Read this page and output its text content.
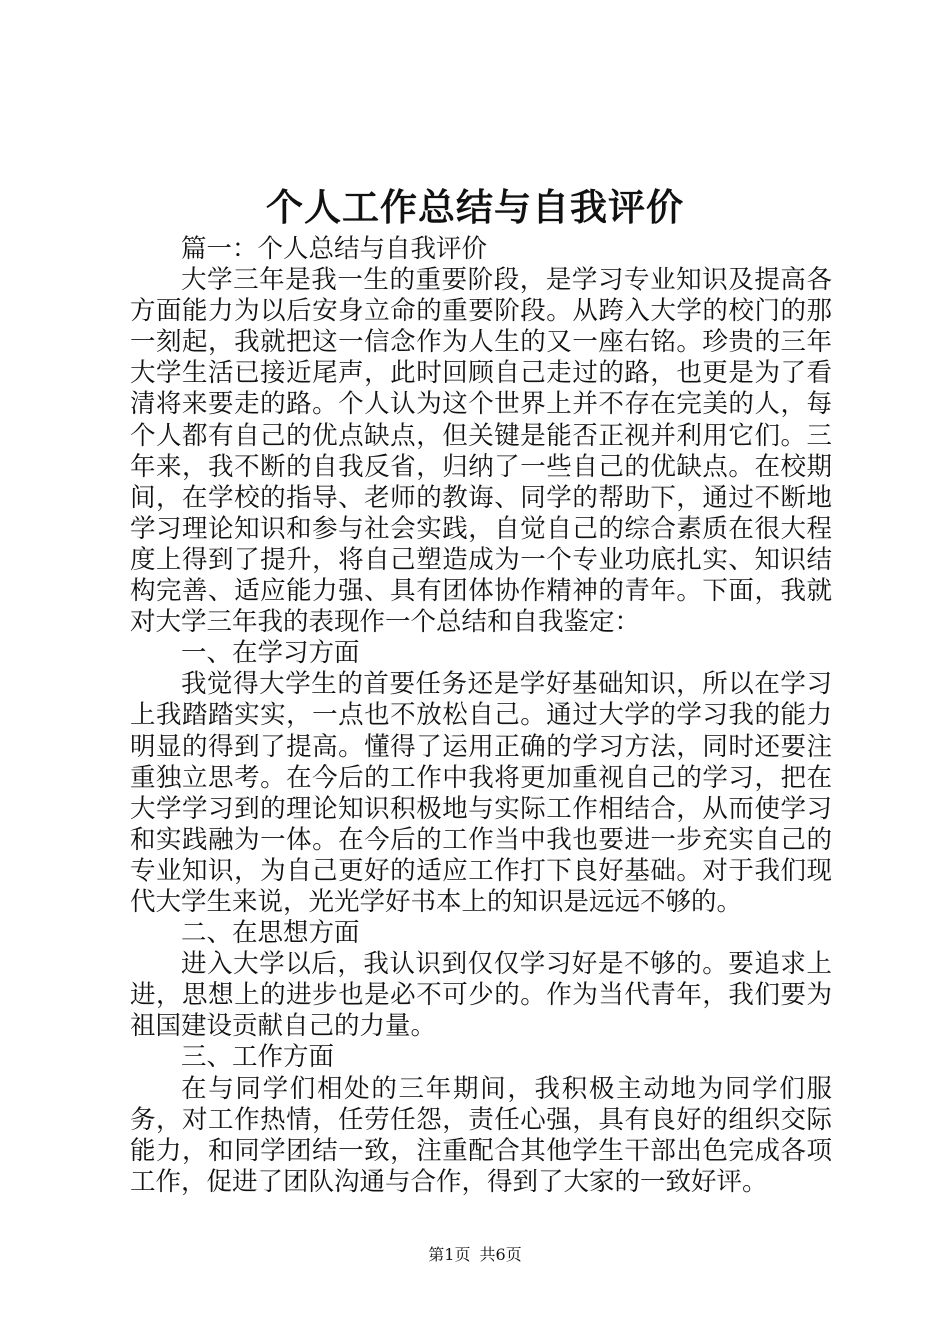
个人工作总结与自我评价

篇一：个人总结与自我评价

大学三年是我一生的重要阶段，是学习专业知识及提高各方面能力为以后安身立命的重要阶段。从跨入大学的校门的那一刻起，我就把这一信念作为人生的又一座右铭。珍贵的三年大学生活已接近尾声，此时回顾自己走过的路，也更是为了看清将来要走的路。个人认为这个世界上并不存在完美的人，每个人都有自己的优点缺点，但关键是能否正视并利用它们。三年来，我不断的自我反省，归纳了一些自己的优缺点。在校期间，在学校的指导、老师的教诲、同学的帮助下，通过不断地学习理论知识和参与社会实践，自觉自己的综合素质在很大程度上得到了提升，将自己塑造成为一个专业功底扎实、知识结构完善、适应能力强、具有团体协作精神的青年。下面，我就对大学三年我的表现作一个总结和自我鉴定：

一、在学习方面

我觉得大学生的首要任务还是学好基础知识，所以在学习上我踏踏实实，一点也不放松自己。通过大学的学习我的能力明显的得到了提高。懂得了运用正确的学习方法，同时还要注重独立思考。在今后的工作中我将更加重视自己的学习，把在大学学习到的理论知识积极地与实际工作相结合，从而使学习和实践融为一体。在今后的工作当中我也要进一步充实自己的专业知识，为自己更好的适应工作打下良好基础。对于我们现代大学生来说，光光学好书本上的知识是远远不够的。

二、在思想方面

进入大学以后，我认识到仅仅学习好是不够的。要追求上进，思想上的进步也是必不可少的。作为当代青年，我们要为祖国建设贡献自己的力量。

三、工作方面

在与同学们相处的三年期间，我积极主动地为同学们服务，对工作热情，任劳任怨，责任心强，具有良好的组织交际能力，和同学团结一致，注重配合其他学生干部出色完成各项工作，促进了团队沟通与合作，得到了大家的一致好评。

第1页 共6页
